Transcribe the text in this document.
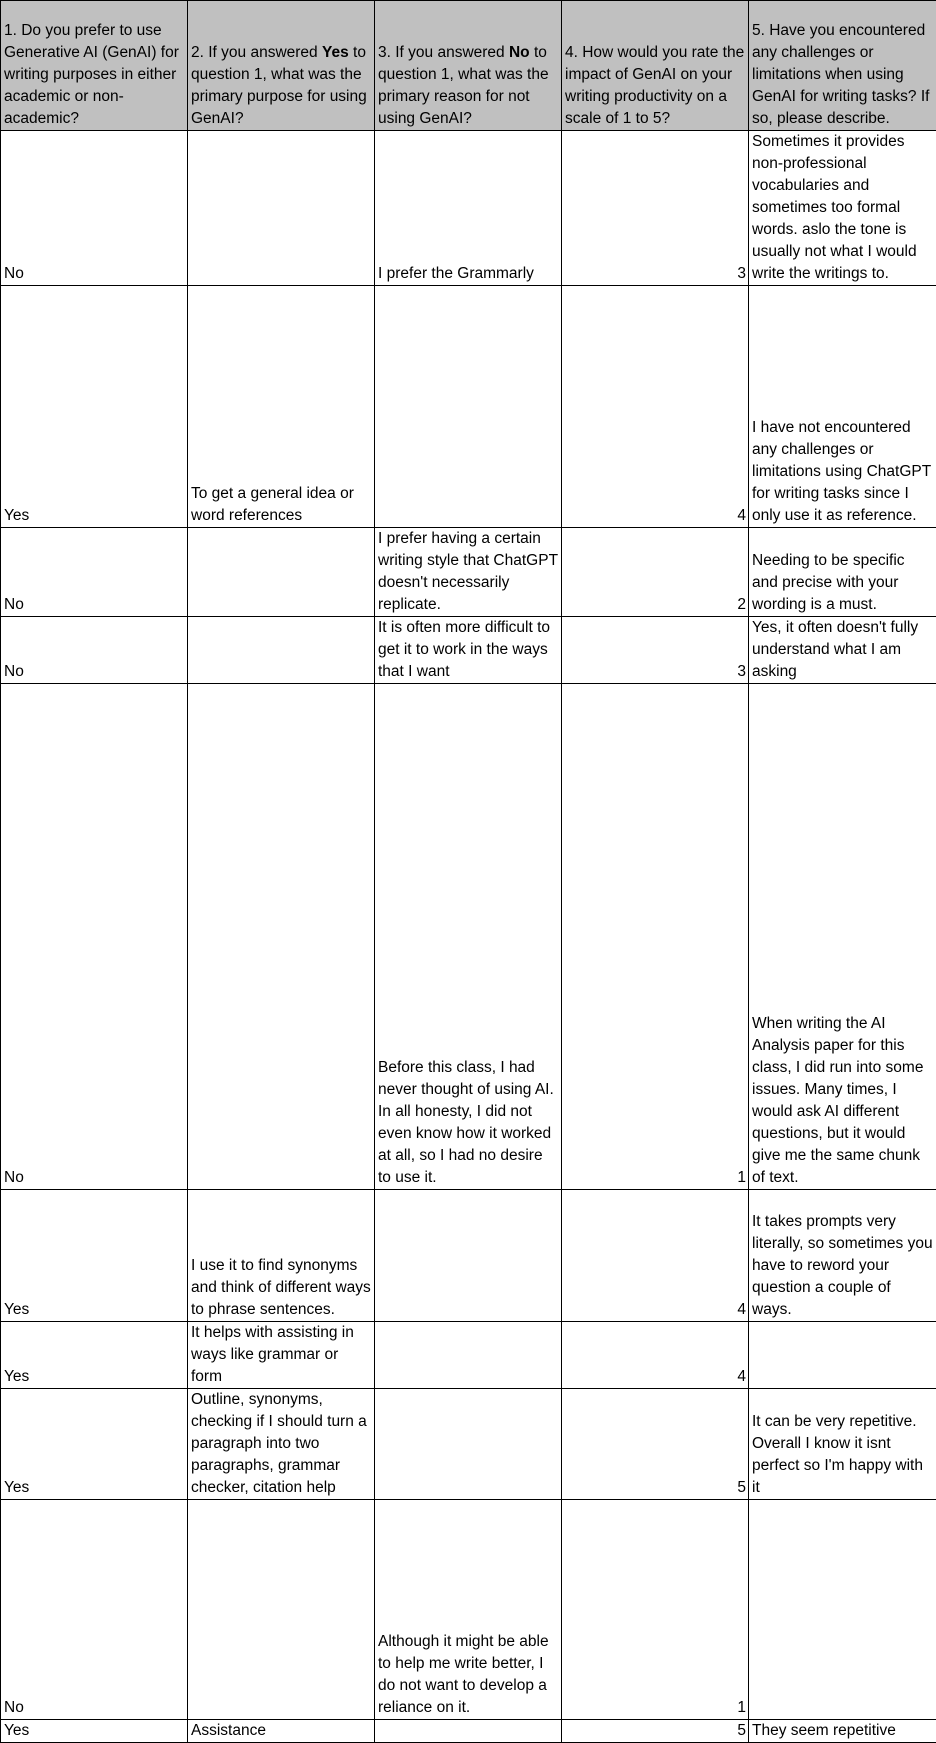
1. Do you prefer to use Generative AI (GenAI) for writing purposes in either academic or non-academic?	2. If you answered Yes to question 1, what was the primary purpose for using GenAI?	3. If you answered No to question 1, what was the primary reason for not using GenAI?	4. How would you rate the impact of GenAI on your writing productivity on a scale of 1 to 5?	5. Have you encountered any challenges or limitations when using GenAI for writing tasks? If so, please describe.
No		I prefer the Grammarly	3	Sometimes it provides non-professional vocabularies and sometimes too formal words. aslo the tone is usually not what I would write the writings to.
Yes	To get a general idea or word references		4	I have not encountered any challenges or limitations using ChatGPT for writing tasks since I only use it as reference.
No		I prefer having a certain writing style that ChatGPT doesn't necessarily replicate.	2	Needing to be specific and precise with your wording is a must.
No		It is often more difficult to get it to work in the ways that I want	3	Yes, it often doesn't fully understand what I am asking
No		Before this class, I had never thought of using AI. In all honesty, I did not even know how it worked at all, so I had no desire to use it.	1	When writing the AI Analysis paper for this class, I did run into some issues. Many times, I would ask AI different questions, but it would give me the same chunk of text.
Yes	I use it to find synonyms and think of different ways to phrase sentences.		4	It takes prompts very literally, so sometimes you have to reword your question a couple of ways.
Yes	It helps with assisting in ways like grammar or form		4	
Yes	Outline, synonyms, checking if I should turn a paragraph into two paragraphs, grammar checker, citation help		5	It can be very repetitive. Overall I know it isnt perfect so I'm happy with it
No		Although it might be able to help me write better, I do not want to develop a reliance on it.	1	
Yes	Assistance		5	They seem repetitive
